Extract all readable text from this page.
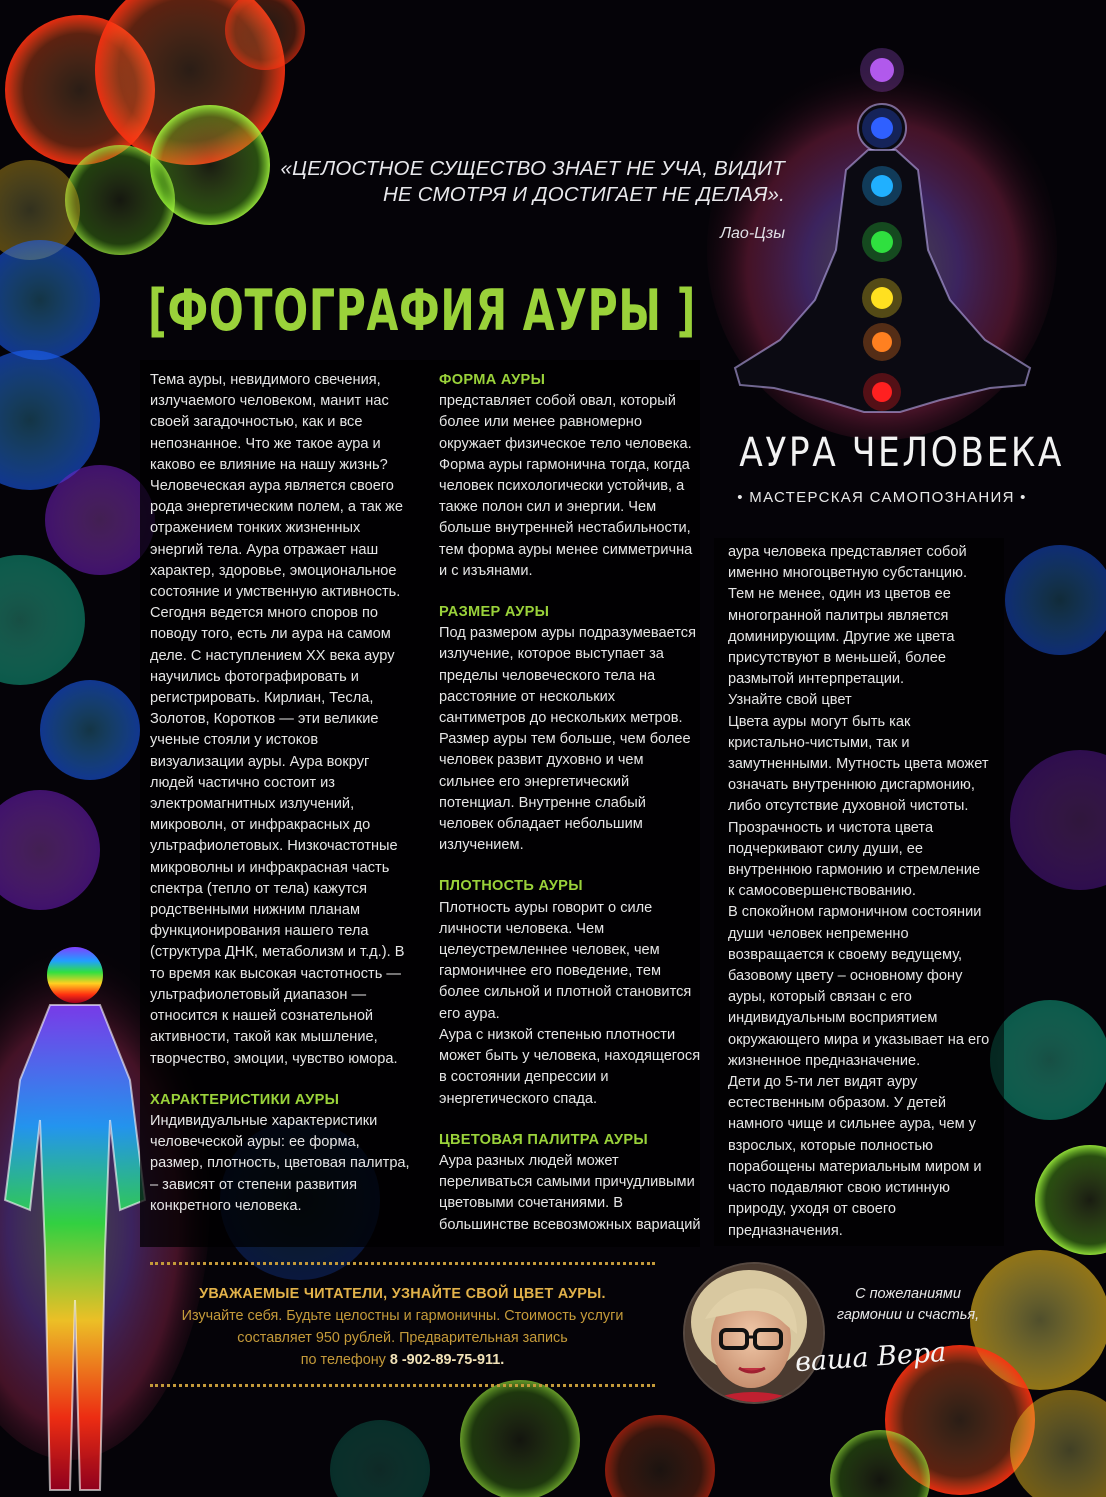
«ЦЕЛОСТНОЕ СУЩЕСТВО ЗНАЕТ НЕ УЧА, ВИДИТ
НЕ СМОТРЯ И ДОСТИГАЕТ НЕ ДЕЛАЯ».
Лао-Цзы
[ФОТОГРАФИЯ АУРЫ ]
АУРА ЧЕЛОВЕКА
• МАСТЕРСКАЯ САМОПОЗНАНИЯ •

Тема ауры, невидимого свечения, излучаемого человеком, манит нас своей загадочностью, как и все непознанное. Что же такое аура и каково ее влияние на нашу жизнь? Человеческая аура является своего рода энергетическим полем, а так же отражением тонких жизненных энергий тела. Аура отражает наш характер, здоровье, эмоциональное состояние и умственную активность. Сегодня ведется много споров по поводу того, есть ли аура на самом деле. С наступлением XX века ауру научились фотографировать и регистрировать. Кирлиан, Тесла, Золотов, Коротков — эти великие ученые стояли у истоков визуализации ауры. Аура вокруг людей частично состоит из электромагнитных излучений, микроволн, от инфракрасных до ультрафиолетовых. Низкочастотные микроволны и инфракрасная часть спектра (тепло от тела) кажутся родственными нижним планам функционирования нашего тела (структура ДНК, метаболизм и т.д.). В то время как высокая частотность — ультрафиолетовый диапазон — относится к нашей сознательной активности, такой как мышление, творчество, эмоции, чувство юмора.

ХАРАКТЕРИСТИКИ АУРЫ

Индивидуальные характеристики человеческой ауры: ее форма, размер, плотность, цветовая палитра, – зависят от степени развития конкретного человека.

ФОРМА АУРЫ

представляет собой овал, который более или менее равномерно окружает физическое тело человека. Форма ауры гармонична тогда, когда человек психологически устойчив, а также полон сил и энергии. Чем больше внутренней нестабильности, тем форма ауры менее симметрична и с изъянами.

РАЗМЕР АУРЫ

Под размером ауры подразумевается излучение, которое выступает за пределы человеческого тела на расстояние от нескольких сантиметров до нескольких метров. Размер ауры тем больше, чем более человек развит духовно и чем сильнее его энергетический потенциал. Внутренне слабый человек обладает небольшим излучением.

ПЛОТНОСТЬ АУРЫ

Плотность ауры говорит о силе личности человека. Чем целеустремленнее человек, чем гармоничнее его поведение, тем более сильной и плотной становится его аура.

Аура с низкой степенью плотности может быть у человека, находящегося в состоянии депрессии и энергетического спада.

ЦВЕТОВАЯ ПАЛИТРА АУРЫ

Аура разных людей может переливаться самыми причудливыми цветовыми сочетаниями. В большинстве всевозможных вариаций

аура человека представляет собой именно многоцветную субстанцию. Тем не менее, один из цветов ее многогранной палитры является доминирующим. Другие же цвета присутствуют в меньшей, более размытой интерпретации.

Узнайте свой цвет

Цвета ауры могут быть как кристально-чистыми, так и замутненными. Мутность цвета может означать внутреннюю дисгармонию, либо отсутствие духовной чистоты. Прозрачность и чистота цвета подчеркивают силу души, ее внутреннюю гармонию и стремление к самосовершенствованию.

В спокойном гармоничном состоянии души человек непременно возвращается к своему ведущему, базовому цвету – основному фону ауры, который связан с его индивидуальным восприятием окружающего мира и указывает на его жизненное предназначение.

Дети до 5-ти лет видят ауру естественным образом. У детей намного чище и сильнее аура, чем у взрослых, которые полностью порабощены материальным миром и часто подавляют свою истинную природу, уходя от своего предназначения.

УВАЖАЕМЫЕ ЧИТАТЕЛИ, УЗНАЙТЕ СВОЙ ЦВЕТ АУРЫ.
Изучайте себя. Будьте целостны и гармоничны. Стоимость услуги
составляет 950 рублей. Предварительная запись
по телефону 8 -902-89-75-911.
С пожеланиями
гармонии и счастья,
ваша Вера
